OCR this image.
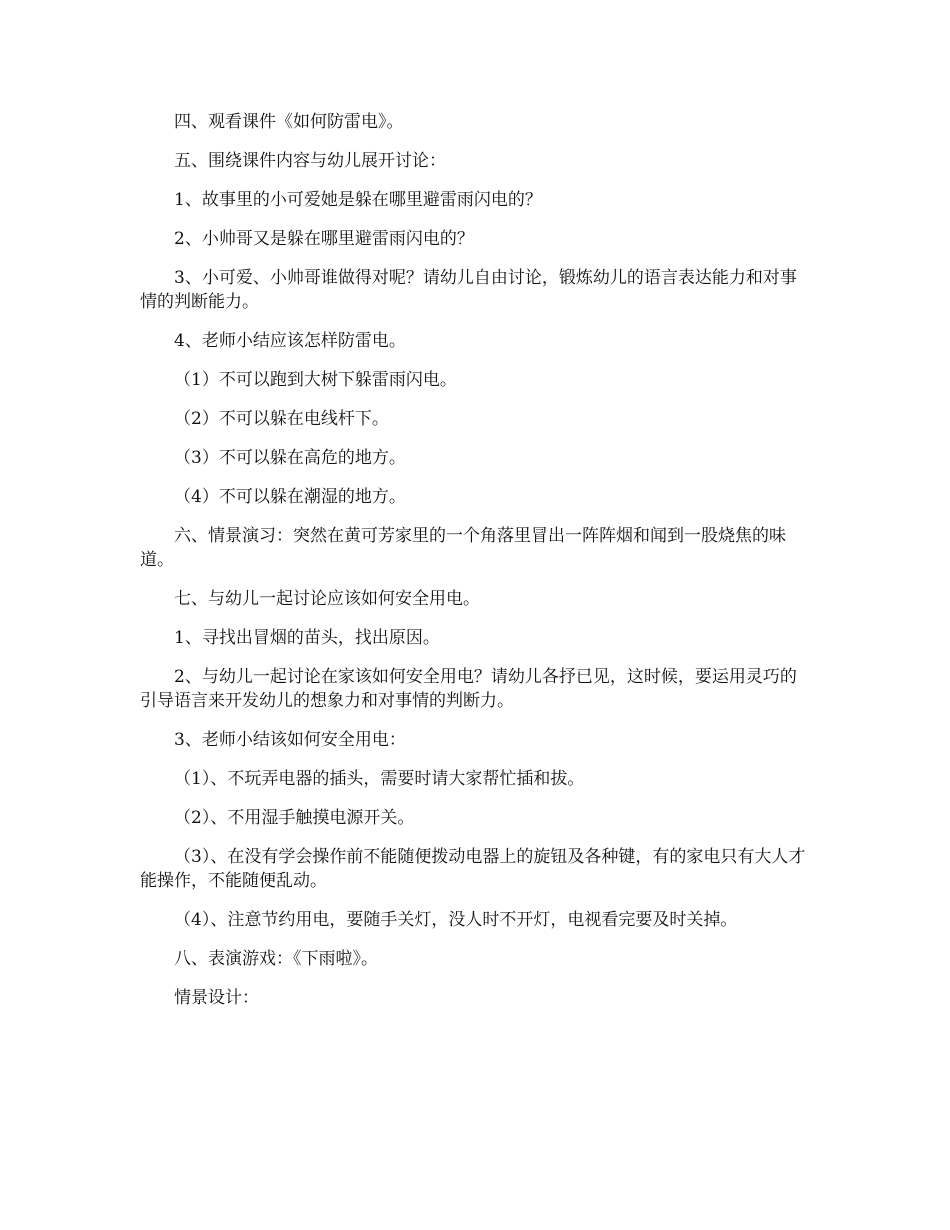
四、观看课件《如何防雷电》。

五、围绕课件内容与幼儿展开讨论：

1、故事里的小可爱她是躲在哪里避雷雨闪电的？

2、小帅哥又是躲在哪里避雷雨闪电的？

3、小可爱、小帅哥谁做得对呢？请幼儿自由讨论，锻炼幼儿的语言表达能力和对事情的判断能力。

4、老师小结应该怎样防雷电。

（1）不可以跑到大树下躲雷雨闪电。

（2）不可以躲在电线杆下。

（3）不可以躲在高危的地方。

（4）不可以躲在潮湿的地方。

六、情景演习：突然在黄可芳家里的一个角落里冒出一阵阵烟和闻到一股烧焦的味道。

七、与幼儿一起讨论应该如何安全用电。

1、寻找出冒烟的苗头，找出原因。

2、与幼儿一起讨论在家该如何安全用电？请幼儿各抒已见，这时候，要运用灵巧的引导语言来开发幼儿的想象力和对事情的判断力。

3、老师小结该如何安全用电：

（1）、不玩弄电器的插头，需要时请大家帮忙插和拔。

（2）、不用湿手触摸电源开关。

（3）、在没有学会操作前不能随便拨动电器上的旋钮及各种键，有的家电只有大人才能操作，不能随便乱动。

（4）、注意节约用电，要随手关灯，没人时不开灯，电视看完要及时关掉。

八、表演游戏：《下雨啦》。

情景设计：
